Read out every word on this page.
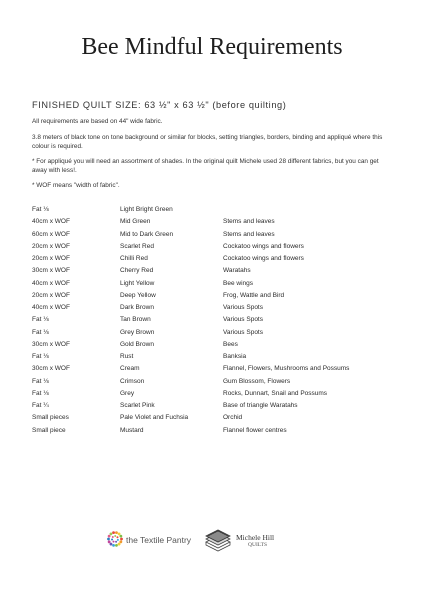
Bee Mindful Requirements
FINISHED QUILT SIZE: 63 ½" x 63 ½" (before quilting)
All requirements are based on 44" wide fabric.
3.8 meters of black tone on tone background or similar for blocks, setting triangles, borders, binding and appliqué where this colour is required.
* For appliqué you will need an assortment of shades. In the original quilt Michele used 28 different fabrics, but you can get away with less!.
* WOF means "width of fabric".
Fat ⅛	Light Bright Green
40cm x WOF	Mid Green	Stems and leaves
60cm x WOF	Mid to Dark Green	Stems and leaves
20cm x WOF	Scarlet Red	Cockatoo wings and flowers
20cm x WOF	Chilli Red	Cockatoo wings and flowers
30cm x WOF	Cherry Red	Waratahs
40cm x WOF	Light Yellow	Bee wings
20cm x WOF	Deep Yellow	Frog, Wattle and Bird
40cm x WOF	Dark Brown	Various Spots
Fat ⅛	Tan Brown	Various Spots
Fat ⅛	Grey Brown	Various Spots
30cm x WOF	Gold Brown	Bees
Fat ⅛	Rust	Banksia
30cm x WOF	Cream	Flannel, Flowers, Mushrooms and Possums
Fat ⅛	Crimson	Gum Blossom, Flowers
Fat ⅛	Grey	Rocks, Dunnart, Snail and Possums
Fat ¼	Scarlet Pink	Base of triangle Waratahs
Small pieces	Pale Violet and Fuchsia	Orchid
Small piece	Mustard	Flannel flower centres
the Textile Pantry	Michele Hill
QUILTS
